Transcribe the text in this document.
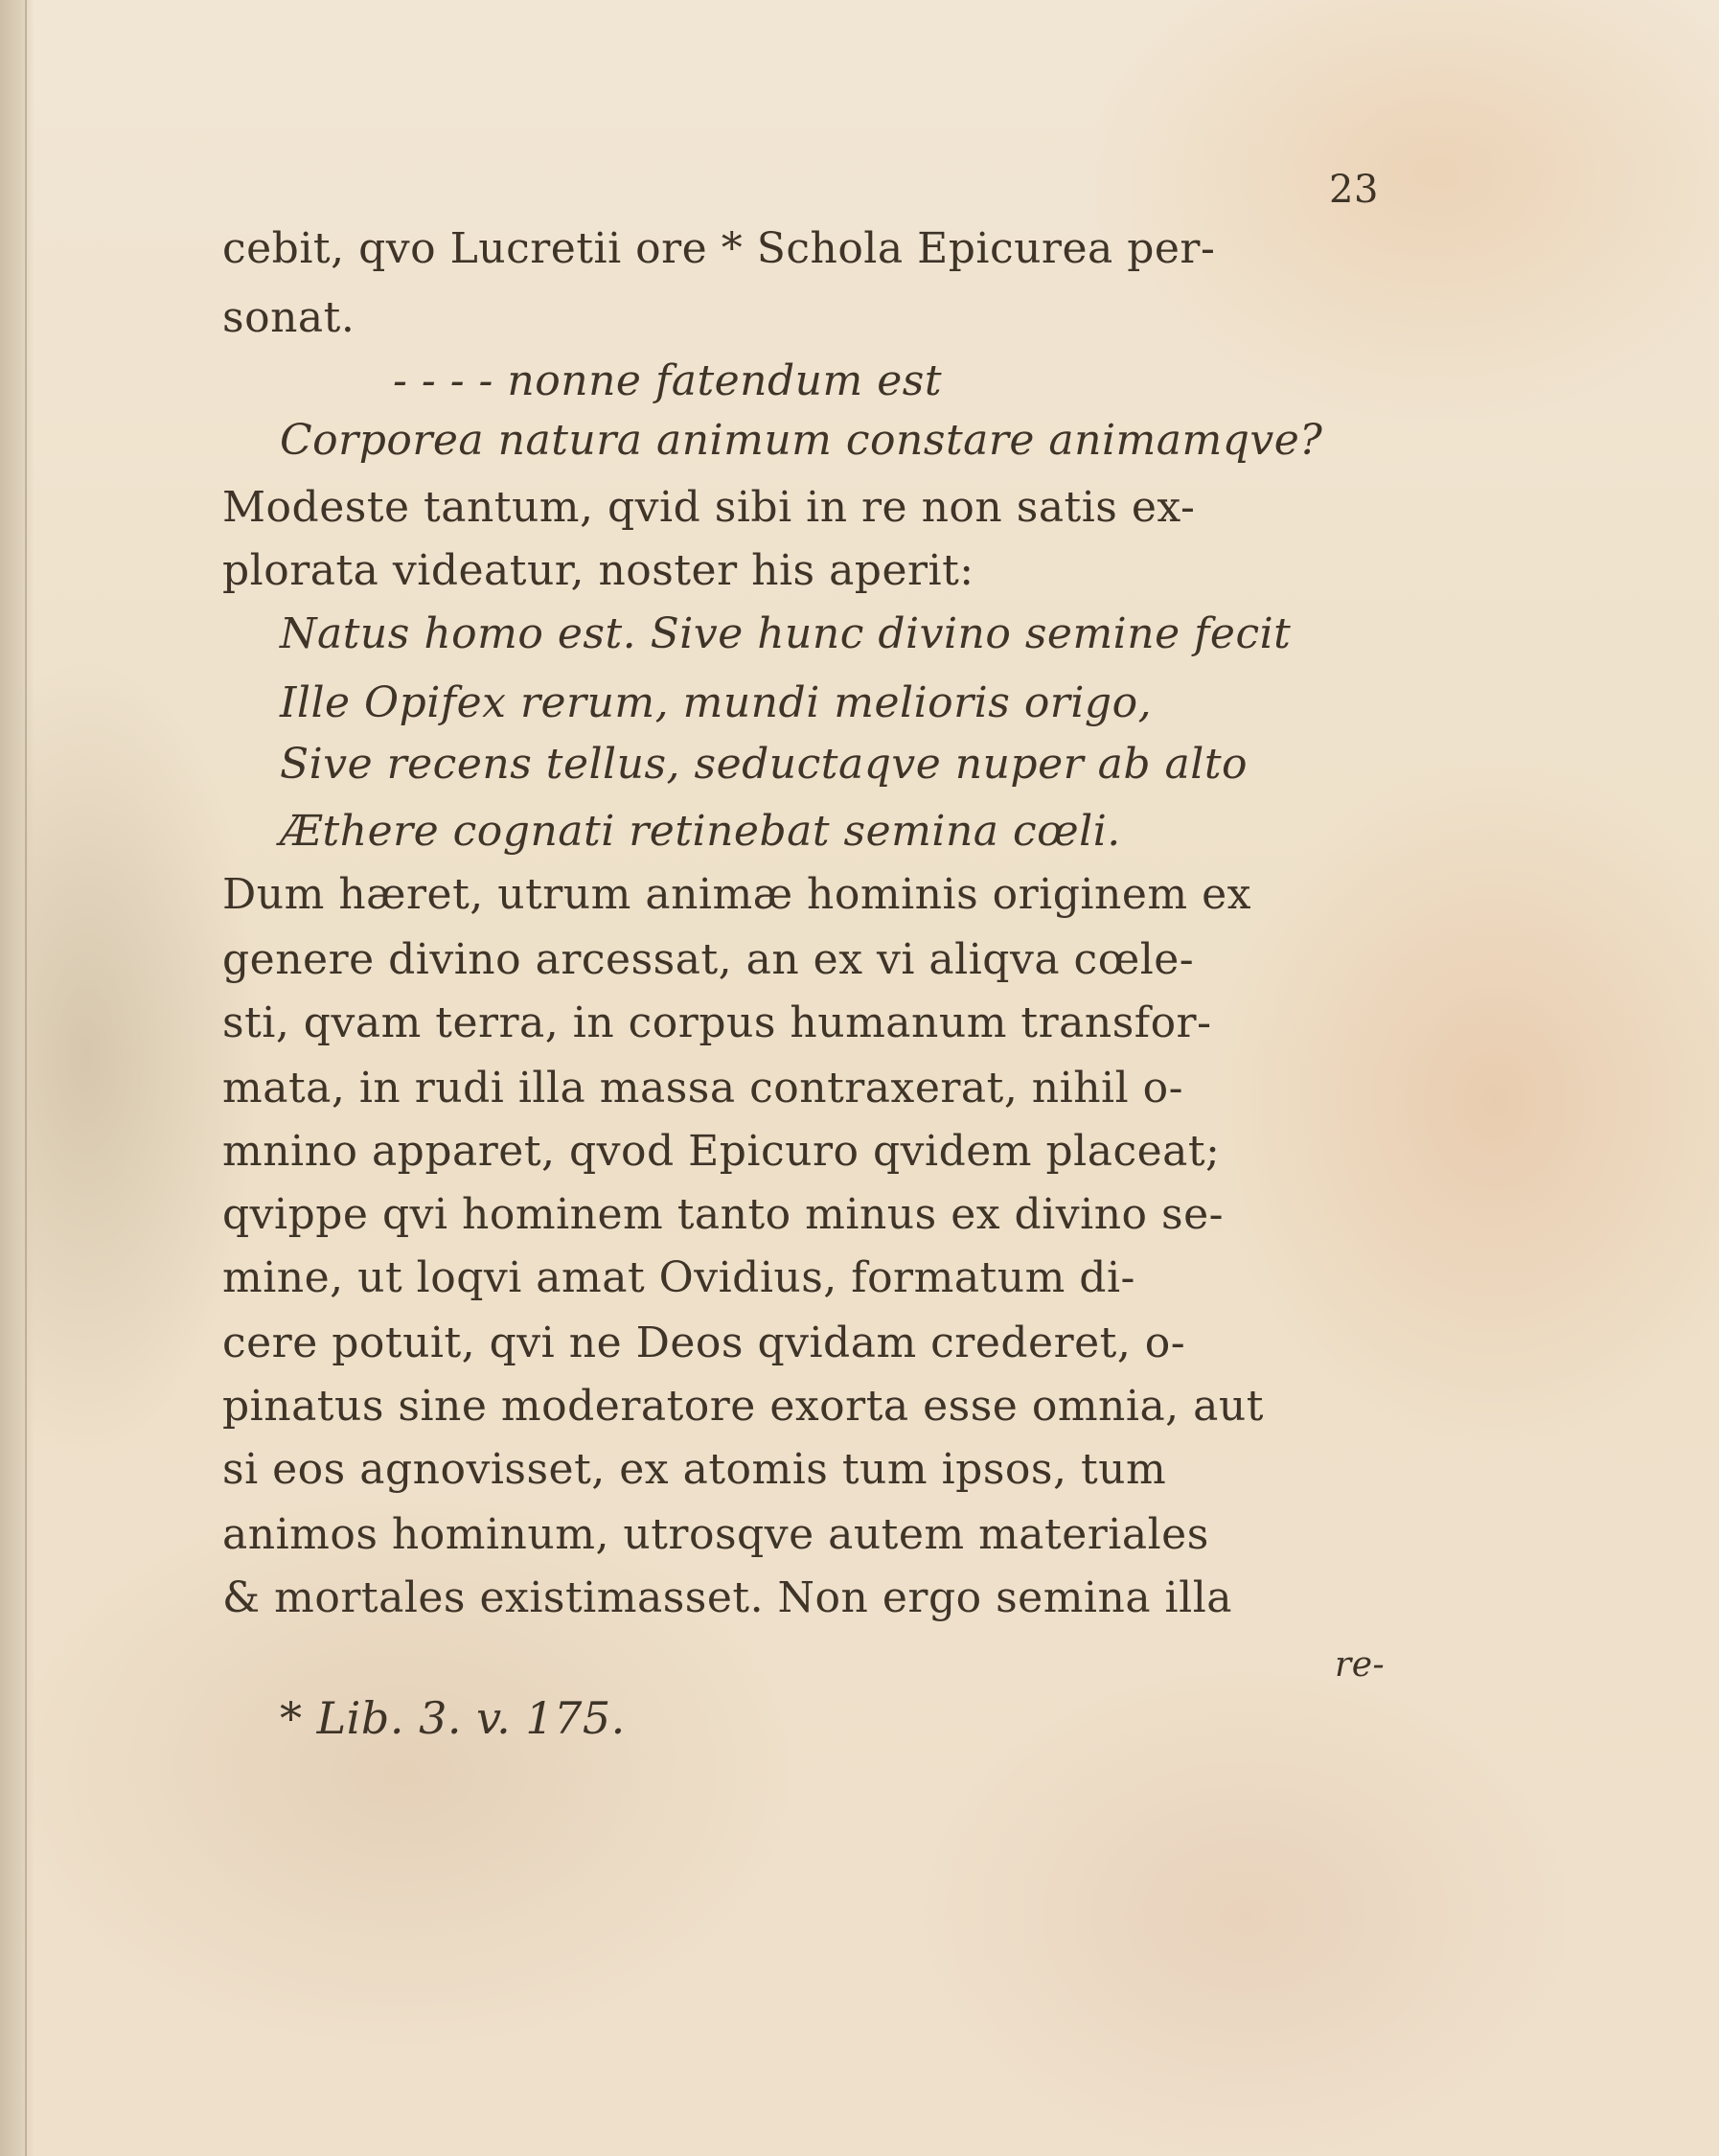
23
cebit, qvo Lucretii ore * Schola Epicurea per-
sonat.
- - - - nonne fatendum est
Corporea natura animum constare animamqve?
Modeste tantum, qvid sibi in re non satis ex-
plorata videatur, noster his aperit:
Natus homo est. Sive hunc divino semine fecit
Ille Opifex rerum, mundi melioris origo,
Sive recens tellus, seductaqve nuper ab alto
Æthere cognati retinebat semina cœli.
Dum hæret, utrum animæ hominis originem ex
genere divino arcessat, an ex vi aliqva cœle-
sti, qvam terra, in corpus humanum transfor-
mata, in rudi illa massa contraxerat, nihil o-
mnino apparet, qvod Epicuro qvidem placeat;
qvippe qvi hominem tanto minus ex divino se-
mine, ut loqvi amat Ovidius, formatum di-
cere potuit, qvi ne Deos qvidam crederet, o-
pinatus sine moderatore exorta esse omnia, aut
si eos agnovisset, ex atomis tum ipsos, tum
animos hominum, utrosqve autem materiales
& mortales existimasset. Non ergo semina illa
re-
* Lib. 3. v. 175.
